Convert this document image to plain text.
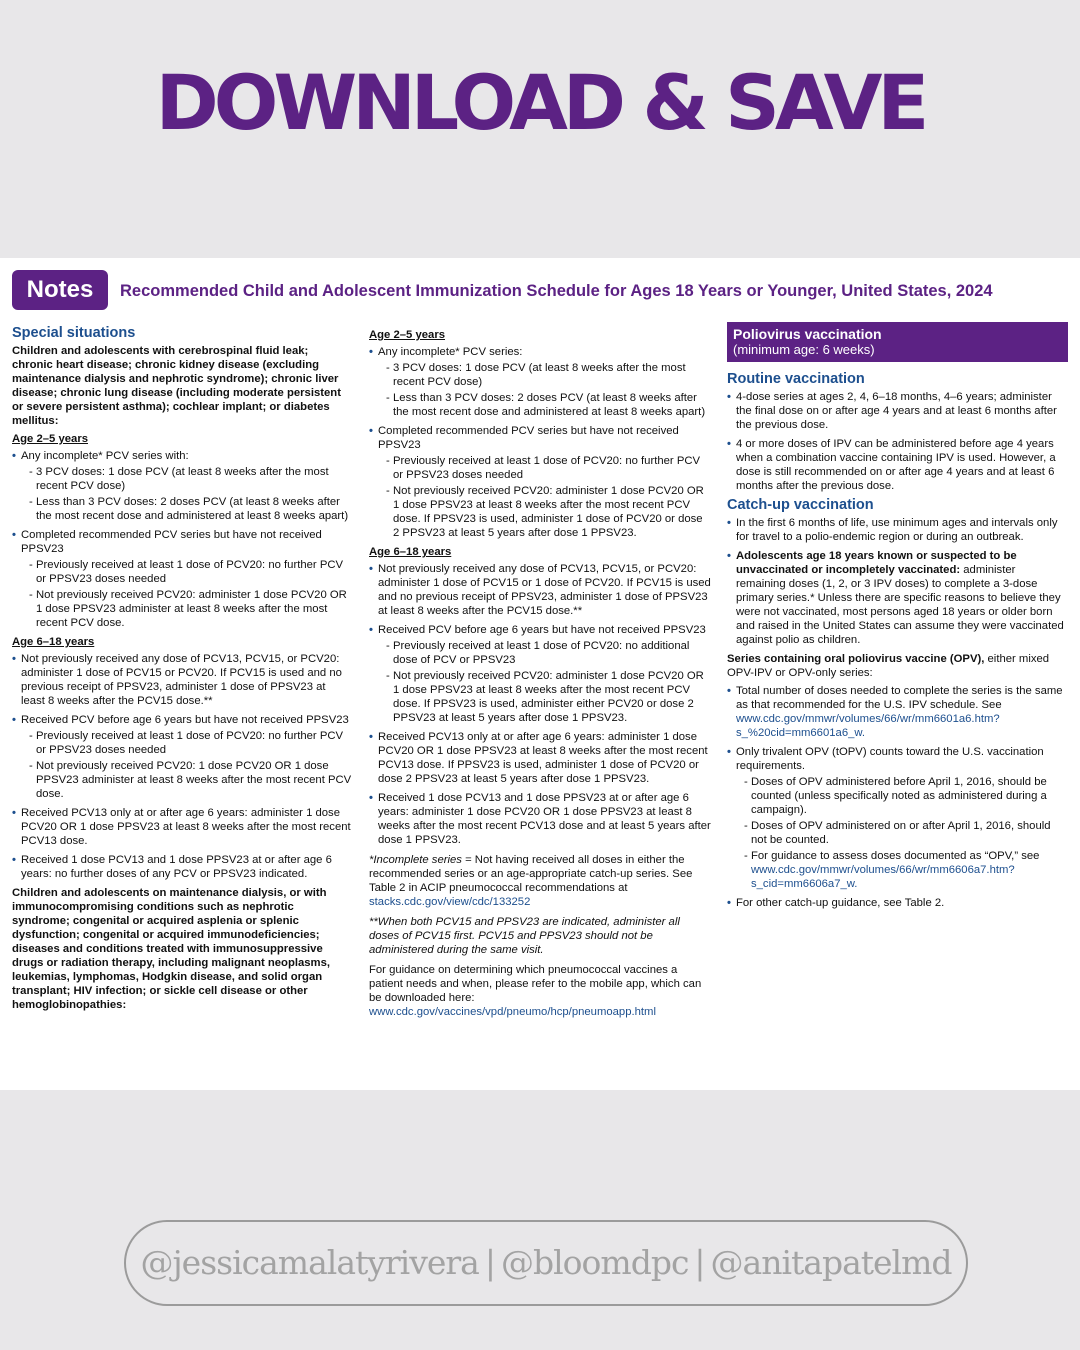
DOWNLOAD & SAVE
Notes	Recommended Child and Adolescent Immunization Schedule for Ages 18 Years or Younger, United States, 2024
Special situations
Children and adolescents with cerebrospinal fluid leak; chronic heart disease; chronic kidney disease (excluding maintenance dialysis and nephrotic syndrome); chronic liver disease; chronic lung disease (including moderate persistent or severe persistent asthma); cochlear implant; or diabetes mellitus:
Age 2–5 years
• Any incomplete* PCV series with:
- 3 PCV doses: 1 dose PCV (at least 8 weeks after the most recent PCV dose)
- Less than 3 PCV doses: 2 doses PCV (at least 8 weeks after the most recent dose and administered at least 8 weeks apart)
• Completed recommended PCV series but have not received PPSV23
- Previously received at least 1 dose of PCV20: no further PCV or PPSV23 doses needed
- Not previously received PCV20: administer 1 dose PCV20 OR 1 dose PPSV23 administer at least 8 weeks after the most recent PCV dose.
Age 6–18 years
• Not previously received any dose of PCV13, PCV15, or PCV20: administer 1 dose of PCV15 or PCV20. If PCV15 is used and no previous receipt of PPSV23, administer 1 dose of PPSV23 at least 8 weeks after the PCV15 dose.**
• Received PCV before age 6 years but have not received PPSV23
- Previously received at least 1 dose of PCV20: no further PCV or PPSV23 doses needed
- Not previously received PCV20: 1 dose PCV20 OR 1 dose PPSV23 administer at least 8 weeks after the most recent PCV dose.
• Received PCV13 only at or after age 6 years: administer 1 dose PCV20 OR 1 dose PPSV23 at least 8 weeks after the most recent PCV13 dose.
• Received 1 dose PCV13 and 1 dose PPSV23 at or after age 6 years: no further doses of any PCV or PPSV23 indicated.
Children and adolescents on maintenance dialysis, or with immunocompromising conditions such as nephrotic syndrome; congenital or acquired asplenia or splenic dysfunction; congenital or acquired immunodeficiencies; diseases and conditions treated with immunosuppressive drugs or radiation therapy, including malignant neoplasms, leukemias, lymphomas, Hodgkin disease, and solid organ transplant; HIV infection; or sickle cell disease or other hemoglobinopathies:
Age 2–5 years
• Any incomplete* PCV series:
- 3 PCV doses: 1 dose PCV (at least 8 weeks after the most recent PCV dose)
- Less than 3 PCV doses: 2 doses PCV (at least 8 weeks after the most recent dose and administered at least 8 weeks apart)
• Completed recommended PCV series but have not received PPSV23
- Previously received at least 1 dose of PCV20: no further PCV or PPSV23 doses needed
- Not previously received PCV20: administer 1 dose PCV20 OR 1 dose PPSV23 at least 8 weeks after the most recent PCV dose. If PPSV23 is used, administer 1 dose of PCV20 or dose 2 PPSV23 at least 5 years after dose 1 PPSV23.
Age 6–18 years
• Not previously received any dose of PCV13, PCV15, or PCV20: administer 1 dose of PCV15 or 1 dose of PCV20. If PCV15 is used and no previous receipt of PPSV23, administer 1 dose of PPSV23 at least 8 weeks after the PCV15 dose.**
• Received PCV before age 6 years but have not received PPSV23
- Previously received at least 1 dose of PCV20: no additional dose of PCV or PPSV23
- Not previously received PCV20: administer 1 dose PCV20 OR 1 dose PPSV23 at least 8 weeks after the most recent PCV dose. If PPSV23 is used, administer either PCV20 or dose 2 PPSV23 at least 5 years after dose 1 PPSV23.
• Received PCV13 only at or after age 6 years: administer 1 dose PCV20 OR 1 dose PPSV23 at least 8 weeks after the most recent PCV13 dose. If PPSV23 is used, administer 1 dose of PCV20 or dose 2 PPSV23 at least 5 years after dose 1 PPSV23.
• Received 1 dose PCV13 and 1 dose PPSV23 at or after age 6 years: administer 1 dose PCV20 OR 1 dose PPSV23 at least 8 weeks after the most recent PCV13 dose and at least 5 years after dose 1 PPSV23.

*Incomplete series = Not having received all doses in either the recommended series or an age-appropriate catch-up series. See Table 2 in ACIP pneumococcal recommendations at stacks.cdc.gov/view/cdc/133252

**When both PCV15 and PPSV23 are indicated, administer all doses of PCV15 first. PCV15 and PPSV23 should not be administered during the same visit.

For guidance on determining which pneumococcal vaccines a patient needs and when, please refer to the mobile app, which can be downloaded here:
www.cdc.gov/vaccines/vpd/pneumo/hcp/pneumoapp.html

Poliovirus vaccination
(minimum age: 6 weeks)
Routine vaccination
• 4-dose series at ages 2, 4, 6–18 months, 4–6 years; administer the final dose on or after age 4 years and at least 6 months after the previous dose.
• 4 or more doses of IPV can be administered before age 4 years when a combination vaccine containing IPV is used. However, a dose is still recommended on or after age 4 years and at least 6 months after the previous dose.
Catch-up vaccination
• In the first 6 months of life, use minimum ages and intervals only for travel to a polio-endemic region or during an outbreak.
• Adolescents age 18 years known or suspected to be unvaccinated or incompletely vaccinated: administer remaining doses (1, 2, or 3 IPV doses) to complete a 3-dose primary series.* Unless there are specific reasons to believe they were not vaccinated, most persons aged 18 years or older born and raised in the United States can assume they were vaccinated against polio as children.

Series containing oral poliovirus vaccine (OPV), either mixed OPV-IPV or OPV-only series:

• Total number of doses needed to complete the series is the same as that recommended for the U.S. IPV schedule. See www.cdc.gov/mmwr/volumes/66/wr/mm6601a6.htm?s_%20cid=mm6601a6_w.
• Only trivalent OPV (tOPV) counts toward the U.S. vaccination requirements.
- Doses of OPV administered before April 1, 2016, should be counted (unless specifically noted as administered during a campaign).
- Doses of OPV administered on or after April 1, 2016, should not be counted.
- For guidance to assess doses documented as “OPV,” see www.cdc.gov/mmwr/volumes/66/wr/mm6606a7.htm?s_cid=mm6606a7_w.
• For other catch-up guidance, see Table 2.
@jessicamalatyrivera | @bloomdpc | @anitapatelmd
